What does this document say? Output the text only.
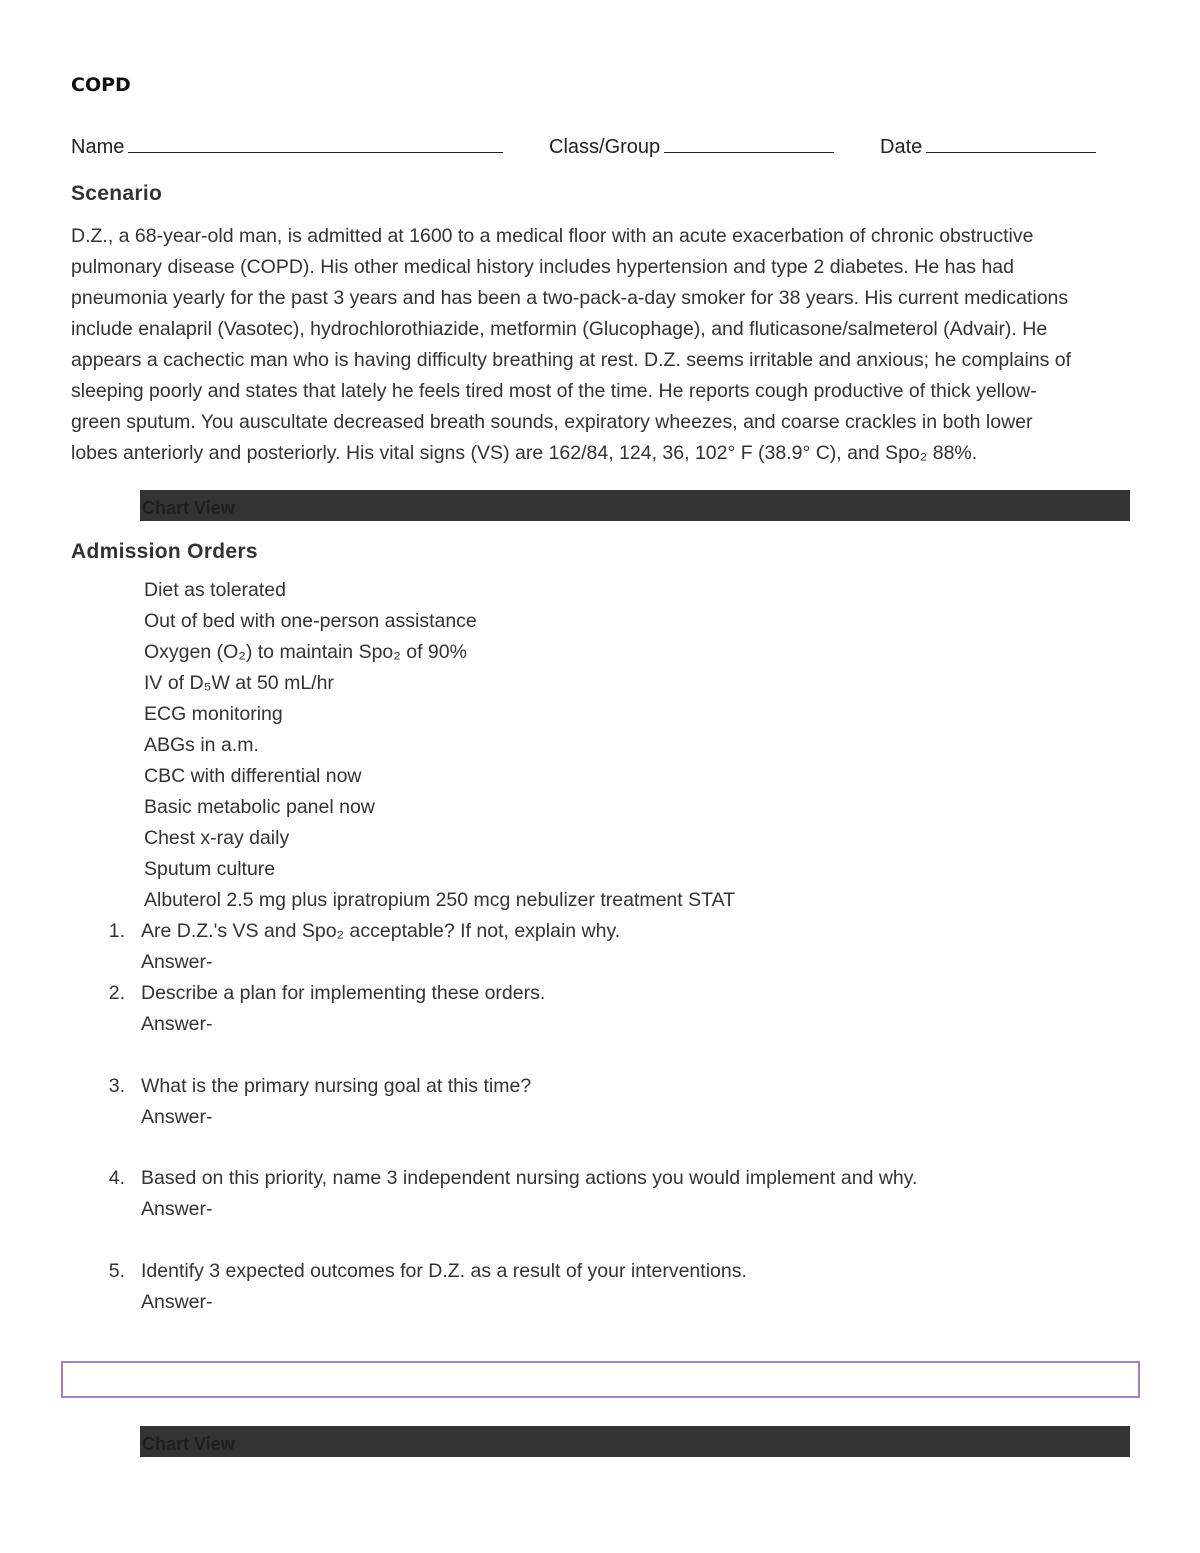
COPD
Name	Class/Group	Date
Scenario
D.Z., a 68-year-old man, is admitted at 1600 to a medical floor with an acute exacerbation of chronic obstructive
pulmonary disease (COPD). His other medical history includes hypertension and type 2 diabetes. He has had
pneumonia yearly for the past 3 years and has been a two-pack-a-day smoker for 38 years. His current medications
include enalapril (Vasotec), hydrochlorothiazide, metformin (Glucophage), and fluticasone/salmeterol (Advair). He
appears a cachectic man who is having difficulty breathing at rest. D.Z. seems irritable and anxious; he complains of
sleeping poorly and states that lately he feels tired most of the time. He reports cough productive of thick yellow-
green sputum. You auscultate decreased breath sounds, expiratory wheezes, and coarse crackles in both lower
lobes anteriorly and posteriorly. His vital signs (VS) are 162/84, 124, 36, 102° F (38.9° C), and Spo₂ 88%.
Chart View
Admission Orders
Diet as tolerated
Out of bed with one-person assistance
Oxygen (O₂) to maintain Spo₂ of 90%
IV of D₅W at 50 mL/hr
ECG monitoring
ABGs in a.m.
CBC with differential now
Basic metabolic panel now
Chest x-ray daily
Sputum culture
Albuterol 2.5 mg plus ipratropium 250 mcg nebulizer treatment STAT
1. Are D.Z.'s VS and Spo₂ acceptable? If not, explain why.
Answer-
2. Describe a plan for implementing these orders.
Answer-
3. What is the primary nursing goal at this time?
Answer-
4. Based on this priority, name 3 independent nursing actions you would implement and why.
Answer-
5. Identify 3 expected outcomes for D.Z. as a result of your interventions.
Answer-
Chart View
